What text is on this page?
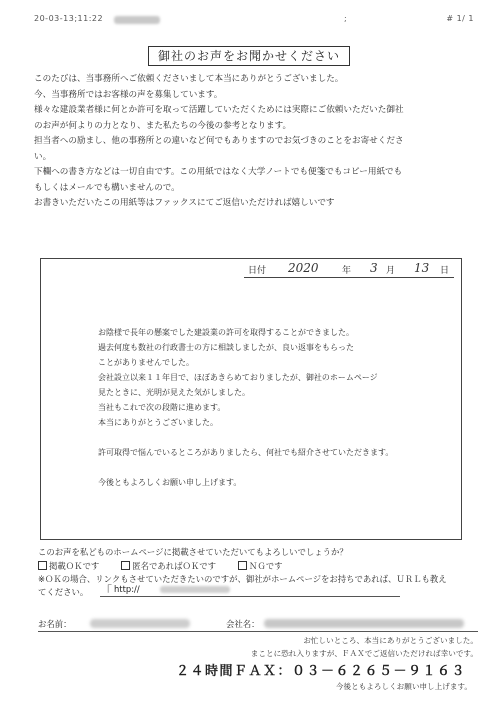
20-03-13;11:22	;	# 1/ 1
御社のお声をお聞かせください
このたびは、当事務所へご依頼くださいまして本当にありがとうございました。
今、当事務所ではお客様の声を募集しています。
様々な建設業者様に何とか許可を取って活躍していただくためには実際にご依頼いただいた御社
のお声が何よりの力となり、また私たちの今後の参考となります。
担当者への励まし、他の事務所との違いなど何でもありますのでお気づきのことをお寄せくださ
い。
下欄への書き方などは一切自由です。この用紙ではなく大学ノートでも便箋でもコピー用紙でも
もしくはメールでも構いませんので。
お書きいただいたこの用紙等はファックスにてご返信いただければ嬉しいです
日付 2020	年 3 月 13 日
お陰様で長年の懸案でした建設業の許可を取得することができました。
過去何度も数社の行政書士の方に相談しましたが、良い返事をもらった
ことがありませんでした。
会社設立以来１１年目で、ほぼあきらめておりましたが、御社のホームページ
見たときに、光明が見えた気がしました。
当社もこれで次の段階に進めます。
本当にありがとうございました。
許可取得で悩んでいるところがありましたら、何社でも紹介させていただきます。
今後ともよろしくお願い申し上げます。
このお声を私どものホームページに掲載させていただいてもよろしいでしょうか？
掲載ＯＫです	匿名であればＯＫです	ＮＧです
※ＯＫの場合、リンクもさせていただきたいのですが、御社がホームページをお持ちであれば、ＵＲＬも教え
てください。 「 http://
お名前：	会社名：
お忙しいところ、本当にありがとうございました。
まことに恐れ入りますが、ＦＡＸでご返信いただければ幸いです。
２４時間ＦＡＸ：０３－６２６５－９１６３
今後ともよろしくお願い申し上げます。
